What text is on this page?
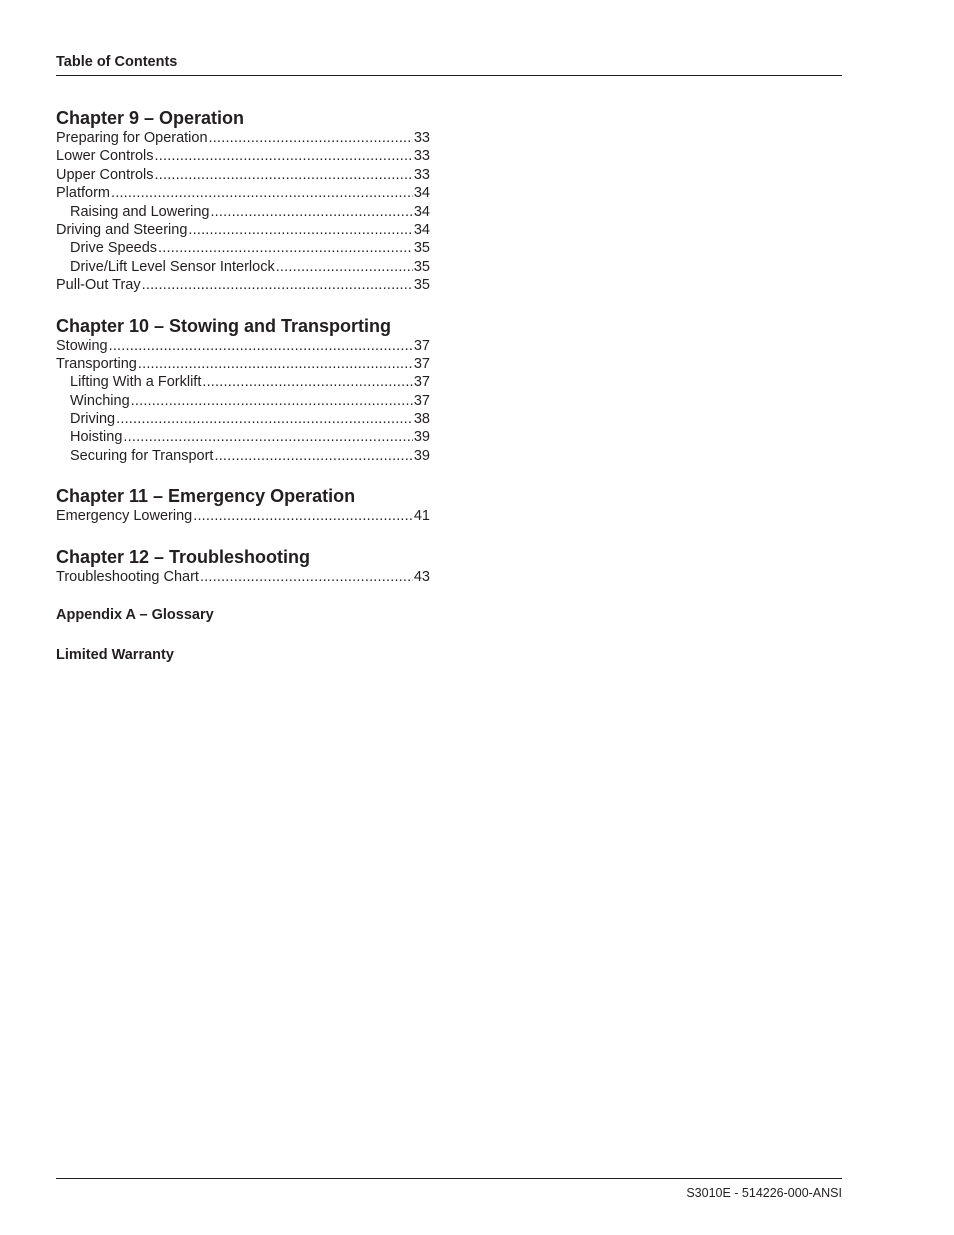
Table of Contents
Chapter 9 – Operation
Preparing for Operation .....	33
Lower Controls .....	33
Upper Controls .....	33
Platform .....	34
Raising and Lowering .....	34
Driving and Steering .....	34
Drive Speeds .....	35
Drive/Lift Level Sensor Interlock .....	35
Pull-Out Tray .....	35
Chapter 10 – Stowing and Transporting
Stowing .....	37
Transporting .....	37
Lifting With a Forklift .....	37
Winching .....	37
Driving .....	38
Hoisting .....	39
Securing for Transport .....	39
Chapter 11 – Emergency Operation
Emergency Lowering .....	41
Chapter 12 – Troubleshooting
Troubleshooting Chart .....	43
Appendix A – Glossary
Limited Warranty
S3010E - 514226-000-ANSI
